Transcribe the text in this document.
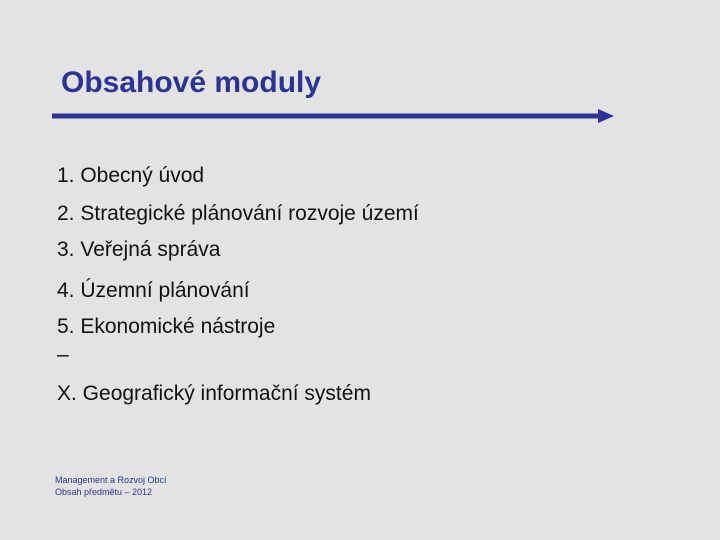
Obsahové moduly
1. Obecný úvod
2. Strategické plánování rozvoje území
3. Veřejná správa
4. Územní plánování
5. Ekonomické nástroje
–
X. Geografický informační systém
Management a Rozvoj Obcí
Obsah předmětu – 2012
